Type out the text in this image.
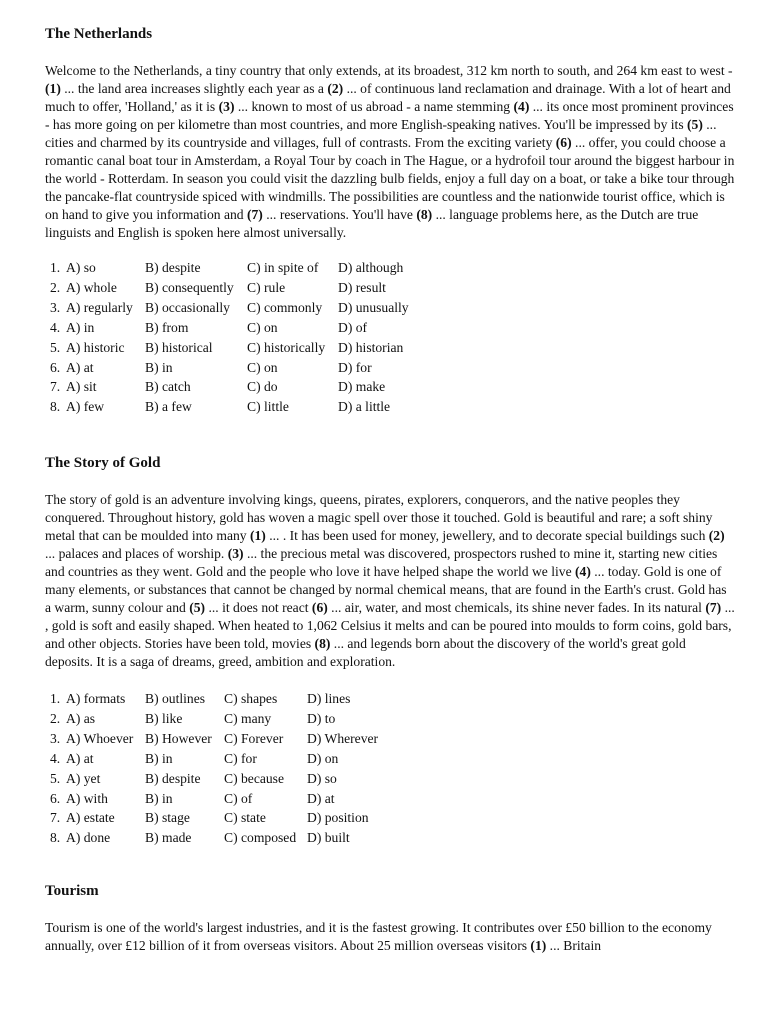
The Netherlands

Welcome to the Netherlands, a tiny country that only extends, at its broadest, 312 km north to south, and 264 km east to west - (1) ... the land area increases slightly each year as a (2) ... of continuous land reclamation and drainage. With a lot of heart and much to offer, 'Holland,' as it is (3) ... known to most of us abroad - a name stemming (4) ... its once most prominent provinces - has more going on per kilometre than most countries, and more English-speaking natives. You'll be impressed by its (5) ... cities and charmed by its countryside and villages, full of contrasts. From the exciting variety (6) ... offer, you could choose a romantic canal boat tour in Amsterdam, a Royal Tour by coach in The Hague, or a hydrofoil tour around the biggest harbour in the world - Rotterdam. In season you could visit the dazzling bulb fields, enjoy a full day on a boat, or take a bike tour through the pancake-flat countryside spiced with windmills. The possibilities are countless and the nationwide tourist office, which is on hand to give you information and (7) ... reservations. You'll have (8) ... language problems here, as the Dutch are true linguists and English is spoken here almost universally.

1.	A) so	B) despite	C) in spite of	D) although
2.	A) whole	B) consequently	C) rule	D) result
3.	A) regularly	B) occasionally	C) commonly	D) unusually
4.	A) in	B) from	C) on	D) of
5.	A) historic	B) historical	C) historically	D) historian
6.	A) at	B) in	C) on	D) for
7.	A) sit	B) catch	C) do	D) make
8.	A) few	B) a few	C) little	D) a little
The Story of Gold

The story of gold is an adventure involving kings, queens, pirates, explorers, conquerors, and the native peoples they conquered. Throughout history, gold has woven a magic spell over those it touched. Gold is beautiful and rare; a soft shiny metal that can be moulded into many (1) ... . It has been used for money, jewellery, and to decorate special buildings such (2) ... palaces and places of worship. (3) ... the precious metal was discovered, prospectors rushed to mine it, starting new cities and countries as they went. Gold and the people who love it have helped shape the world we live (4) ... today. Gold is one of many elements, or substances that cannot be changed by normal chemical means, that are found in the Earth's crust. Gold has a warm, sunny colour and (5) ... it does not react (6) ... air, water, and most chemicals, its shine never fades. In its natural (7) ... , gold is soft and easily shaped. When heated to 1,062 Celsius it melts and can be poured into moulds to form coins, gold bars, and other objects. Stories have been told, movies (8) ... and legends born about the discovery of the world's great gold deposits. It is a saga of dreams, greed, ambition and exploration.

1.	A) formats	B) outlines	C) shapes	D) lines
2.	A) as	B) like	C) many	D) to
3.	A) Whoever	B) However	C) Forever	D) Wherever
4.	A) at	B) in	C) for	D) on
5.	A) yet	B) despite	C) because	D) so
6.	A) with	B) in	C) of	D) at
7.	A) estate	B) stage	C) state	D) position
8.	A) done	B) made	C) composed	D) built
Tourism

Tourism is one of the world's largest industries, and it is the fastest growing. It contributes over £50 billion to the economy annually, over £12 billion of it from overseas visitors. About 25 million overseas visitors (1) ... Britain
